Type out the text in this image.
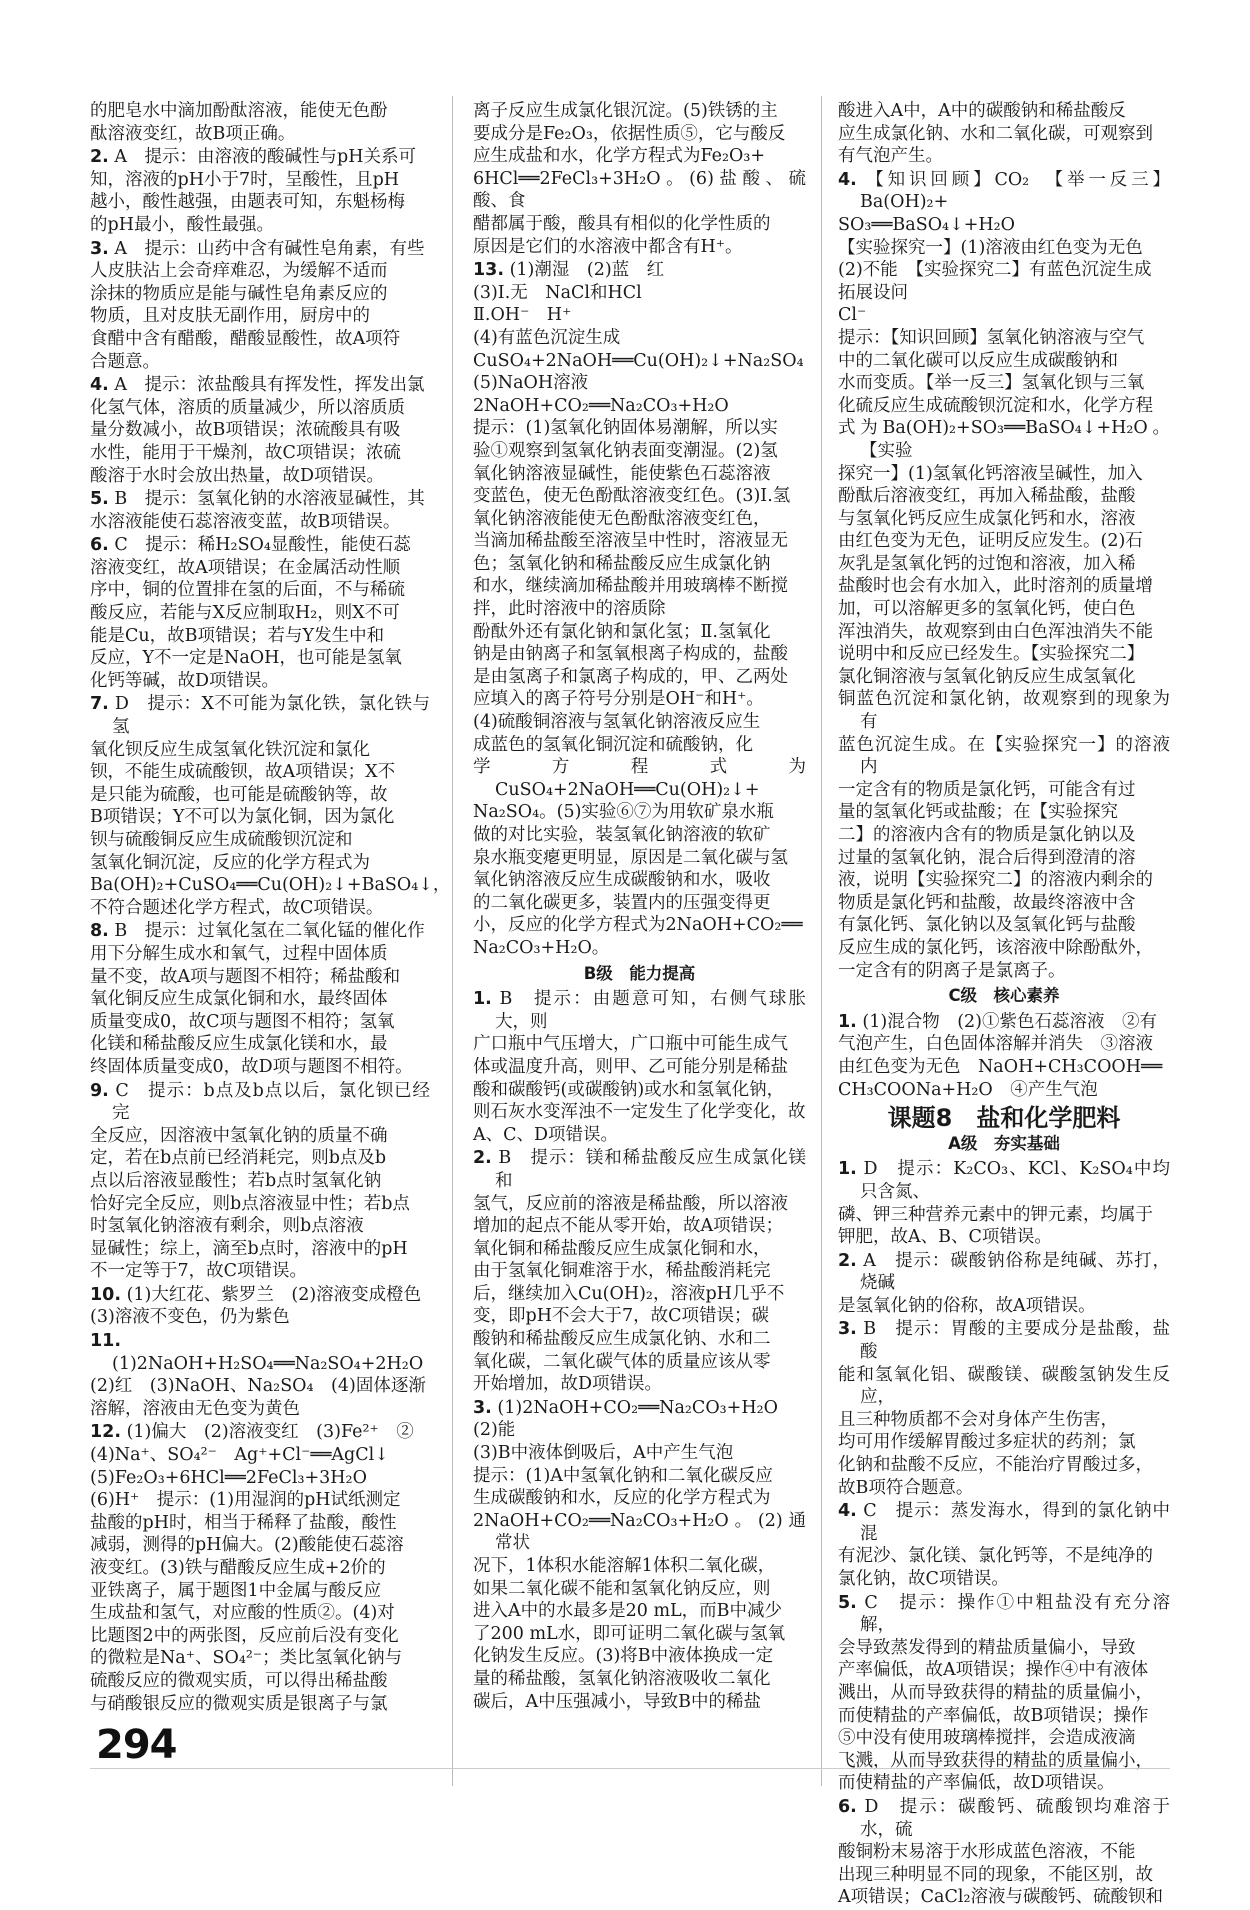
的肥皂水中滴加酚酞溶液，能使无色酚
酞溶液变红，故B项正确。
2. A　提示：由溶液的酸碱性与pH关系可
知，溶液的pH小于7时，呈酸性，且pH
越小，酸性越强，由题表可知，东魁杨梅
的pH最小，酸性最强。
3. A　提示：山药中含有碱性皂角素，有些
人皮肤沾上会奇痒难忍，为缓解不适而
涂抹的物质应是能与碱性皂角素反应的
物质，且对皮肤无副作用，厨房中的
食醋中含有醋酸，醋酸显酸性，故A项符
合题意。
4. A　提示：浓盐酸具有挥发性，挥发出氯
化氢气体，溶质的质量减少，所以溶质质
量分数减小，故B项错误；浓硫酸具有吸
水性，能用于干燥剂，故C项错误；浓硫
酸溶于水时会放出热量，故D项错误。
5. B　提示：氢氧化钠的水溶液显碱性，其
水溶液能使石蕊溶液变蓝，故B项错误。
6. C　提示：稀H₂SO₄显酸性，能使石蕊
溶液变红，故A项错误；在金属活动性顺
序中，铜的位置排在氢的后面，不与稀硫
酸反应，若能与X反应制取H₂，则X不可
能是Cu，故B项错误；若与Y发生中和
反应，Y不一定是NaOH，也可能是氢氧
化钙等碱，故D项错误。
7. D　提示：X不可能为氯化铁，氯化铁与氢
氧化钡反应生成氢氧化铁沉淀和氯化
钡，不能生成硫酸钡，故A项错误；X不
是只能为硫酸，也可能是硫酸钠等，故
B项错误；Y不可以为氯化铜，因为氯化
钡与硫酸铜反应生成硫酸钡沉淀和
氢氧化铜沉淀，反应的化学方程式为
Ba(OH)₂+CuSO₄══Cu(OH)₂↓+BaSO₄↓，
不符合题述化学方程式，故C项错误。
8. B　提示：过氧化氢在二氧化锰的催化作
用下分解生成水和氧气，过程中固体质
量不变，故A项与题图不相符；稀盐酸和
氧化铜反应生成氯化铜和水，最终固体
质量变成0，故C项与题图不相符；氢氧
化镁和稀盐酸反应生成氯化镁和水，最
终固体质量变成0，故D项与题图不相符。
9. C　提示：b点及b点以后，氯化钡已经完
全反应，因溶液中氢氧化钠的质量不确
定，若在b点前已经消耗完，则b点及b
点以后溶液显酸性；若b点时氢氧化钠
恰好完全反应，则b点溶液显中性；若b点
时氢氧化钠溶液有剩余，则b点溶液
显碱性；综上，滴至b点时，溶液中的pH
不一定等于7，故C项错误。
10. (1)大红花、紫罗兰　(2)溶液变成橙色
(3)溶液不变色，仍为紫色
11. (1)2NaOH+H₂SO₄══Na₂SO₄+2H₂O
(2)红　(3)NaOH、Na₂SO₄　(4)固体逐渐
溶解，溶液由无色变为黄色
12. (1)偏大　(2)溶液变红　(3)Fe²⁺　②
(4)Na⁺、SO₄²⁻　Ag⁺+Cl⁻══AgCl↓
(5)Fe₂O₃+6HCl══2FeCl₃+3H₂O
(6)H⁺　提示：(1)用湿润的pH试纸测定
盐酸的pH时，相当于稀释了盐酸，酸性
减弱，测得的pH偏大。(2)酸能使石蕊溶
液变红。(3)铁与醋酸反应生成+2价的
亚铁离子，属于题图1中金属与酸反应
生成盐和氢气，对应酸的性质②。(4)对
比题图2中的两张图，反应前后没有变化
的微粒是Na⁺、SO₄²⁻；类比氢氧化钠与
硫酸反应的微观实质，可以得出稀盐酸
与硝酸银反应的微观实质是银离子与氯
离子反应生成氯化银沉淀。(5)铁锈的主
要成分是Fe₂O₃，依据性质⑤，它与酸反
应生成盐和水，化学方程式为Fe₂O₃+
6HCl══2FeCl₃+3H₂O。(6)盐酸、硫酸、食
醋都属于酸，酸具有相似的化学性质的
原因是它们的水溶液中都含有H⁺。
13. (1)潮湿　(2)蓝　红
(3)Ⅰ.无　NaCl和HCl
Ⅱ.OH⁻　H⁺
(4)有蓝色沉淀生成
CuSO₄+2NaOH══Cu(OH)₂↓+Na₂SO₄
(5)NaOH溶液
2NaOH+CO₂══Na₂CO₃+H₂O
提示：(1)氢氧化钠固体易潮解，所以实
验①观察到氢氧化钠表面变潮湿。(2)氢
氧化钠溶液显碱性，能使紫色石蕊溶液
变蓝色，使无色酚酞溶液变红色。(3)Ⅰ.氢
氧化钠溶液能使无色酚酞溶液变红色，
当滴加稀盐酸至溶液呈中性时，溶液显无
色；氢氧化钠和稀盐酸反应生成氯化钠
和水，继续滴加稀盐酸并用玻璃棒不断搅
拌，此时溶液中的溶质除
酚酞外还有氯化钠和氯化氢；Ⅱ.氢氧化
钠是由钠离子和氢氧根离子构成的，盐酸
是由氢离子和氯离子构成的，甲、乙两处
应填入的离子符号分别是OH⁻和H⁺。
(4)硫酸铜溶液与氢氧化钠溶液反应生
成蓝色的氢氧化铜沉淀和硫酸钠，化
学方程式为CuSO₄+2NaOH══Cu(OH)₂↓+
Na₂SO₄。(5)实验⑥⑦为用软矿泉水瓶
做的对比实验，装氢氧化钠溶液的软矿
泉水瓶变瘪更明显，原因是二氧化碳与氢
氧化钠溶液反应生成碳酸钠和水，吸收
的二氧化碳更多，装置内的压强变得更
小，反应的化学方程式为2NaOH+CO₂══
Na₂CO₃+H₂O。
B级　能力提高
1. B　提示：由题意可知，右侧气球胀大，则
广口瓶中气压增大，广口瓶中可能生成气
体或温度升高，则甲、乙可能分别是稀盐
酸和碳酸钙(或碳酸钠)或水和氢氧化钠，
则石灰水变浑浊不一定发生了化学变化，故
A、C、D项错误。
2. B　提示：镁和稀盐酸反应生成氯化镁和
氢气，反应前的溶液是稀盐酸，所以溶液
增加的起点不能从零开始，故A项错误；
氧化铜和稀盐酸反应生成氯化铜和水，
由于氢氧化铜难溶于水，稀盐酸消耗完
后，继续加入Cu(OH)₂，溶液pH几乎不
变，即pH不会大于7，故C项错误；碳
酸钠和稀盐酸反应生成氯化钠、水和二
氧化碳，二氧化碳气体的质量应该从零
开始增加，故D项错误。
3. (1)2NaOH+CO₂══Na₂CO₃+H₂O
(2)能
(3)B中液体倒吸后，A中产生气泡
提示：(1)A中氢氧化钠和二氧化碳反应
生成碳酸钠和水，反应的化学方程式为
2NaOH+CO₂══Na₂CO₃+H₂O。(2)通常状
况下，1体积水能溶解1体积二氧化碳，
如果二氧化碳不能和氢氧化钠反应，则
进入A中的水最多是20 mL，而B中减少
了200 mL水，即可证明二氧化碳与氢氧
化钠发生反应。(3)将B中液体换成一定
量的稀盐酸，氢氧化钠溶液吸收二氧化
碳后，A中压强减小，导致B中的稀盐
酸进入A中，A中的碳酸钠和稀盐酸反
应生成氯化钠、水和二氧化碳，可观察到
有气泡产生。
4. 【知识回顾】CO₂　【举一反三】Ba(OH)₂+
SO₃══BaSO₄↓+H₂O
【实验探究一】(1)溶液由红色变为无色
(2)不能　【实验探究二】有蓝色沉淀生成
拓展设问
Cl⁻
提示：【知识回顾】氢氧化钠溶液与空气
中的二氧化碳可以反应生成碳酸钠和
水而变质。【举一反三】氢氧化钡与三氧
化硫反应生成硫酸钡沉淀和水，化学方程
式为Ba(OH)₂+SO₃══BaSO₄↓+H₂O。【实验
探究一】(1)氢氧化钙溶液呈碱性，加入
酚酞后溶液变红，再加入稀盐酸，盐酸
与氢氧化钙反应生成氯化钙和水，溶液
由红色变为无色，证明反应发生。(2)石
灰乳是氢氧化钙的过饱和溶液，加入稀
盐酸时也会有水加入，此时溶剂的质量增
加，可以溶解更多的氢氧化钙，使白色
浑浊消失，故观察到由白色浑浊消失不能
说明中和反应已经发生。【实验探究二】
氯化铜溶液与氢氧化钠反应生成氢氧化
铜蓝色沉淀和氯化钠，故观察到的现象为有
蓝色沉淀生成。在【实验探究一】的溶液内
一定含有的物质是氯化钙，可能含有过
量的氢氧化钙或盐酸；在【实验探究
二】的溶液内含有的物质是氯化钠以及
过量的氢氧化钠，混合后得到澄清的溶
液，说明【实验探究二】的溶液内剩余的
物质是氯化钙和盐酸，故最终溶液中含
有氯化钙、氯化钠以及氢氧化钙与盐酸
反应生成的氯化钙，该溶液中除酚酞外，
一定含有的阴离子是氯离子。
C级　核心素养
1. (1)混合物　(2)①紫色石蕊溶液　②有
气泡产生，白色固体溶解并消失　③溶液
由红色变为无色　NaOH+CH₃COOH══
CH₃COONa+H₂O　④产生气泡
课题8　盐和化学肥料
A级　夯实基础
1. D　提示：K₂CO₃、KCl、K₂SO₄中均只含氮、
磷、钾三种营养元素中的钾元素，均属于
钾肥，故A、B、C项错误。
2. A　提示：碳酸钠俗称是纯碱、苏打，烧碱
是氢氧化钠的俗称，故A项错误。
3. B　提示：胃酸的主要成分是盐酸，盐酸
能和氢氧化铝、碳酸镁、碳酸氢钠发生反应，
且三种物质都不会对身体产生伤害，
均可用作缓解胃酸过多症状的药剂；氯
化钠和盐酸不反应，不能治疗胃酸过多，
故B项符合题意。
4. C　提示：蒸发海水，得到的氯化钠中混
有泥沙、氯化镁、氯化钙等，不是纯净的
氯化钠，故C项错误。
5. C　提示：操作①中粗盐没有充分溶解，
会导致蒸发得到的精盐质量偏小，导致
产率偏低，故A项错误；操作④中有液体
溅出，从而导致获得的精盐的质量偏小，
而使精盐的产率偏低，故B项错误；操作
⑤中没有使用玻璃棒搅拌，会造成液滴
飞溅，从而导致获得的精盐的质量偏小，
而使精盐的产率偏低，故D项错误。
6. D　提示：碳酸钙、硫酸钡均难溶于水，硫
酸铜粉末易溶于水形成蓝色溶液，不能
出现三种明显不同的现象，不能区别，故
A项错误；CaCl₂溶液与碳酸钙、硫酸钡和
294
